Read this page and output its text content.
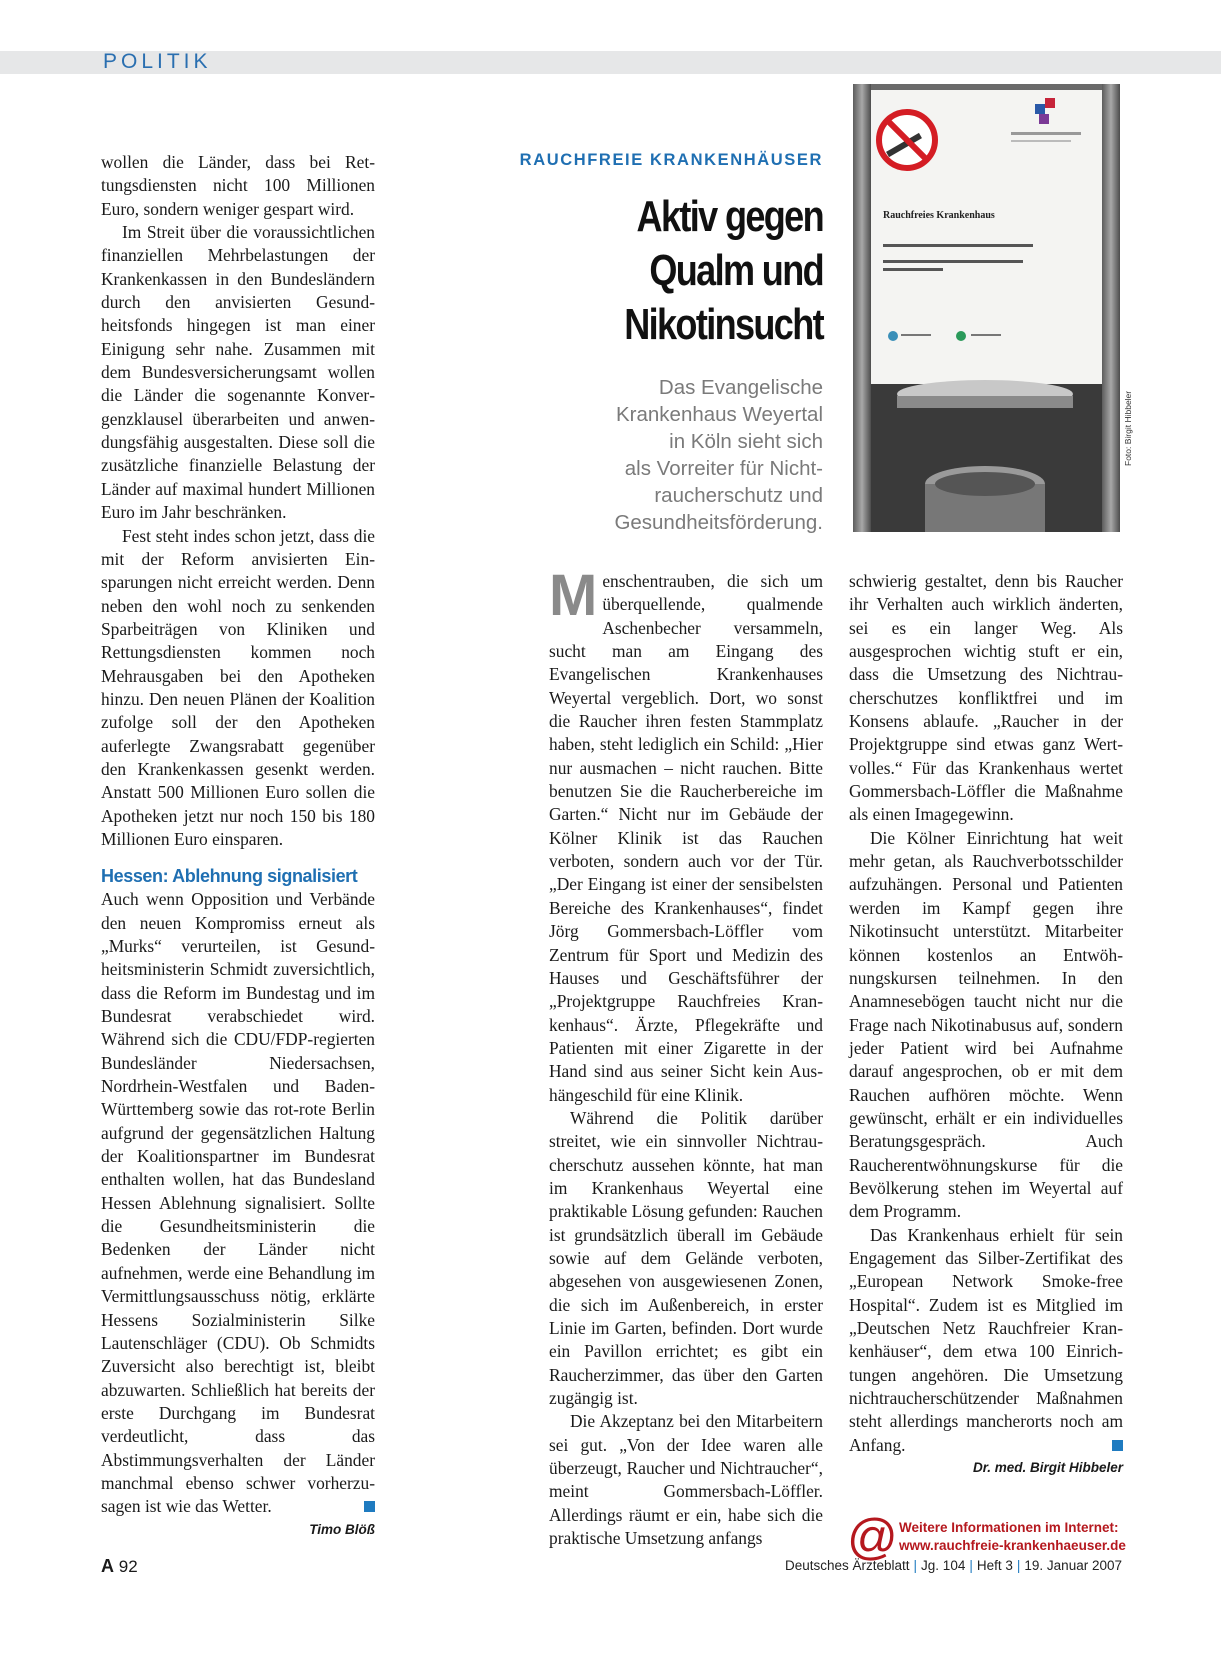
POLITIK

wollen die Länder, dass bei Rettungsdiensten nicht 100 Millionen Euro, sondern weniger gespart wird.

Im Streit über die voraussichtlichen finanziellen Mehrbelastungen der Krankenkassen in den Bundesländern durch den anvisierten Gesundheitsfonds hingegen ist man einer Einigung sehr nahe. Zusammen mit dem Bundesversicherungsamt wollen die Länder die sogenannte Konvergenzklausel überarbeiten und anwendungsfähig ausgestalten. Diese soll die zusätzliche finanzielle Belastung der Länder auf maximal hundert Millionen Euro im Jahr beschränken.

Fest steht indes schon jetzt, dass die mit der Reform anvisierten Einsparungen nicht erreicht werden. Denn neben den wohl noch zu senkenden Sparbeiträgen von Kliniken und Rettungsdiensten kommen noch Mehrausgaben bei den Apotheken hinzu. Den neuen Plänen der Koalition zufolge soll der den Apotheken auferlegte Zwangsrabatt gegenüber den Krankenkassen gesenkt werden. Anstatt 500 Millionen Euro sollen die Apotheken jetzt nur noch 150 bis 180 Millionen Euro einsparen.

Hessen: Ablehnung signalisiert

Auch wenn Opposition und Verbände den neuen Kompromiss erneut als „Murks“ verurteilen, ist Gesundheitsministerin Schmidt zuversichtlich, dass die Reform im Bundestag und im Bundesrat verabschiedet wird. Während sich die CDU/FDP-regierten Bundesländer Niedersachsen, Nordrhein-Westfalen und Baden-Württemberg sowie das rot-rote Berlin aufgrund der gegensätzlichen Haltung der Koalitionspartner im Bundesrat enthalten wollen, hat das Bundesland Hessen Ablehnung signalisiert. Sollte die Gesundheitsministerin die Bedenken der Länder nicht aufnehmen, werde eine Behandlung im Vermittlungsausschuss nötig, erklärte Hessens Sozialministerin Silke Lautenschläger (CDU). Ob Schmidts Zuversicht also berechtigt ist, bleibt abzuwarten. Schließlich hat bereits der erste Durchgang im Bundesrat verdeutlicht, dass das Abstimmungsverhalten der Länder manchmal ebenso schwer vorherzusagen ist wie das Wetter.

Timo Blöß
RAUCHFREIE KRANKENHÄUSER
Aktiv gegen
Qualm und
Nikotinsucht
Das Evangelische
Krankenhaus Weyertal
in Köln sieht sich
als Vorreiter für Nicht-
raucherschutz und
Gesundheitsförderung.
Rauchfreies Krankenhaus
Foto: Birgit Hibbeler

Menschentrauben, die sich um überquellende, qualmende Aschenbecher versammeln, sucht man am Eingang des Evangelischen Krankenhauses Weyertal vergeblich. Dort, wo sonst die Raucher ihren festen Stammplatz haben, steht lediglich ein Schild: „Hier nur ausmachen – nicht rauchen. Bitte benutzen Sie die Raucherbereiche im Garten.“ Nicht nur im Gebäude der Kölner Klinik ist das Rauchen verboten, sondern auch vor der Tür. „Der Eingang ist einer der sensibelsten Bereiche des Krankenhauses“, findet Jörg Gommersbach-Löffler vom Zentrum für Sport und Medizin des Hauses und Geschäftsführer der „Projektgruppe Rauchfreies Krankenhaus“. Ärzte, Pflegekräfte und Patienten mit einer Zigarette in der Hand sind aus seiner Sicht kein Aushängeschild für eine Klinik.

Während die Politik darüber streitet, wie ein sinnvoller Nichtraucherschutz aussehen könnte, hat man im Krankenhaus Weyertal eine praktikable Lösung gefunden: Rauchen ist grundsätzlich überall im Gebäude sowie auf dem Gelände verboten, abgesehen von ausgewiesenen Zonen, die sich im Außenbereich, in erster Linie im Garten, befinden. Dort wurde ein Pavillon errichtet; es gibt ein Raucherzimmer, das über den Garten zugängig ist.

Die Akzeptanz bei den Mitarbeitern sei gut. „Von der Idee waren alle überzeugt, Raucher und Nichtraucher“, meint Gommersbach-Löffler. Allerdings räumt er ein, habe sich die praktische Umsetzung anfangs

schwierig gestaltet, denn bis Raucher ihr Verhalten auch wirklich änderten, sei es ein langer Weg. Als ausgesprochen wichtig stuft er ein, dass die Umsetzung des Nichtraucherschutzes konfliktfrei und im Konsens ablaufe. „Raucher in der Projektgruppe sind etwas ganz Wertvolles.“ Für das Krankenhaus wertet Gommersbach-Löffler die Maßnahme als einen Imagegewinn.

Die Kölner Einrichtung hat weit mehr getan, als Rauchverbotsschilder aufzuhängen. Personal und Patienten werden im Kampf gegen ihre Nikotinsucht unterstützt. Mitarbeiter können kostenlos an Entwöhnungskursen teilnehmen. In den Anamnesebögen taucht nicht nur die Frage nach Nikotinabusus auf, sondern jeder Patient wird bei Aufnahme darauf angesprochen, ob er mit dem Rauchen aufhören möchte. Wenn gewünscht, erhält er ein individuelles Beratungsgespräch. Auch Raucherentwöhnungskurse für die Bevölkerung stehen im Weyertal auf dem Programm.

Das Krankenhaus erhielt für sein Engagement das Silber-Zertifikat des „European Network Smoke-free Hospital“. Zudem ist es Mitglied im „Deutschen Netz Rauchfreier Krankenhäuser“, dem etwa 100 Einrichtungen angehören. Die Umsetzung nichtraucherschützender Maßnahmen steht allerdings mancherorts noch am Anfang.

Dr. med. Birgit Hibbeler
@ Weitere Informationen im Internet:
www.rauchfreie-krankenhaeuser.de
A 92	Deutsches Ärzteblatt | Jg. 104 | Heft 3 | 19. Januar 2007
